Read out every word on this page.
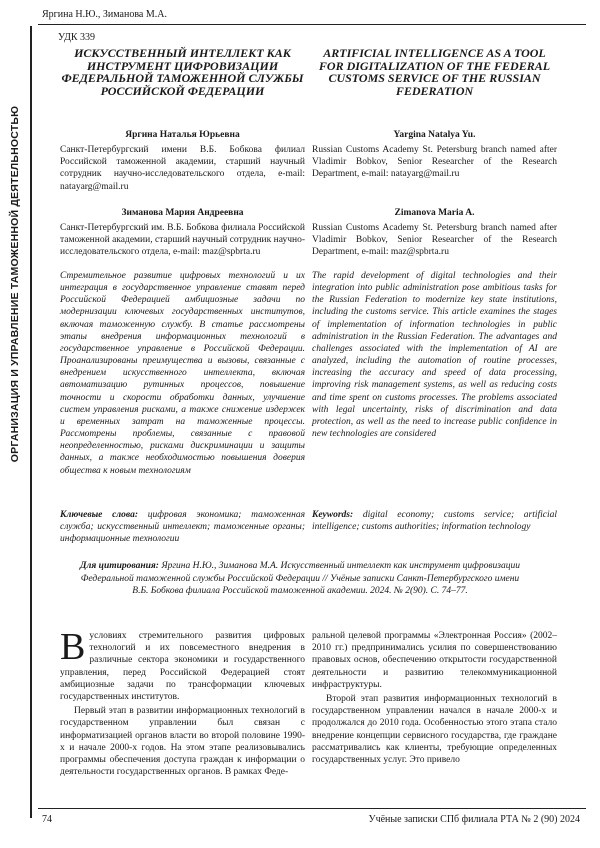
Яргина Н.Ю., Зиманова М.А.
ОРГАНИЗАЦИЯ И УПРАВЛЕНИЕ ТАМОЖЕННОЙ ДЕЯТЕЛЬНОСТЬЮ
УДК 339
ИСКУССТВЕННЫЙ ИНТЕЛЛЕКТ КАК ИНСТРУМЕНТ ЦИФРОВИЗАЦИИ ФЕДЕРАЛЬНОЙ ТАМОЖЕННОЙ СЛУЖБЫ РОССИЙСКОЙ ФЕДЕРАЦИИ
ARTIFICIAL INTELLIGENCE AS A TOOL FOR DIGITALIZATION OF THE FEDERAL CUSTOMS SERVICE OF THE RUSSIAN FEDERATION
Яргина Наталья Юрьевна	Yargina Natalya Yu.
Санкт-Петербургский имени В.Б. Бобкова филиал Российской таможенной академии, старший научный сотрудник научно-исследовательского отдела, e-mail: natayarg@mail.ru
Russian Customs Academy St. Petersburg branch named after Vladimir Bobkov, Senior Researcher of the Research Department, e-mail: natayarg@mail.ru
Зиманова Мария Андреевна	Zimanova Maria A.
Санкт-Петербургский им. В.Б. Бобкова филиала Российской таможенной академии, старший научный сотрудник научно-исследовательского отдела, e-mail: maz@spbrta.ru
Russian Customs Academy St. Petersburg branch named after Vladimir Bobkov, Senior Researcher of the Research Department, e-mail: maz@spbrta.ru
Стремительное развитие цифровых технологий и их интеграция в государственное управление ставят перед Российской Федерацией амбициозные задачи по модернизации ключевых государственных институтов, включая таможенную службу. В статье рассмотрены этапы внедрения информационных технологий в государственное управление в Российской Федерации. Проанализированы преимущества и вызовы, связанные с внедрением искусственного интеллекта, включая автоматизацию рутинных процессов, повышение точности и скорости обработки данных, улучшение систем управления рисками, а также снижение издержек и временных затрат на таможенные процессы. Рассмотрены проблемы, связанные с правовой неопределенностью, рисками дискриминации и защиты данных, а также необходимостью повышения доверия общества к новым технологиям
The rapid development of digital technologies and their integration into public administration pose ambitious tasks for the Russian Federation to modernize key state institutions, including the customs service. This article examines the stages of implementation of information technologies in public administration in the Russian Federation. The advantages and challenges associated with the implementation of AI are analyzed, including the automation of routine processes, increasing the accuracy and speed of data processing, improving risk management systems, as well as reducing costs and time spent on customs processes. The problems associated with legal uncertainty, risks of discrimination and data protection, as well as the need to increase public confidence in new technologies are considered
Ключевые слова: цифровая экономика; таможенная служба; искусственный интеллект; таможенные органы; информационные технологии
Keywords: digital economy; customs service; artificial intelligence; customs authorities; information technology
Для цитирования: Яргина Н.Ю., Зиманова М.А. Искусственный интеллект как инструмент цифровизации Федеральной таможенной службы Российской Федерации // Учёные записки Санкт-Петербургского имени В.Б. Бобкова филиала Российской таможенной академии. 2024. № 2(90). С. 74–77.

В условиях стремительного развития цифровых технологий и их повсеместного внедрения в различные сектора экономики и государственного управления, перед Российской Федерацией стоят амбициозные задачи по трансформации ключевых государственных институтов.

Первый этап в развитии информационных технологий в государственном управлении был связан с информатизацией органов власти во второй половине 1990-х и начале 2000-х годов. На этом этапе реализовывались программы обеспечения доступа граждан к информации о деятельности государственных органов. В рамках Феде-

ральной целевой программы «Электронная Россия» (2002–2010 гг.) предпринимались усилия по совершенствованию правовых основ, обеспечению открытости государственной деятельности и развитию телекоммуникационной инфраструктуры.

Второй этап развития информационных технологий в государственном управлении начался в начале 2000-х и продолжался до 2010 года. Особенностью этого этапа стало внедрение концепции сервисного государства, где граждане рассматривались как клиенты, требующие определенных государственных услуг. Это привело

74	Учёные записки СПб филиала РТА № 2 (90) 2024
